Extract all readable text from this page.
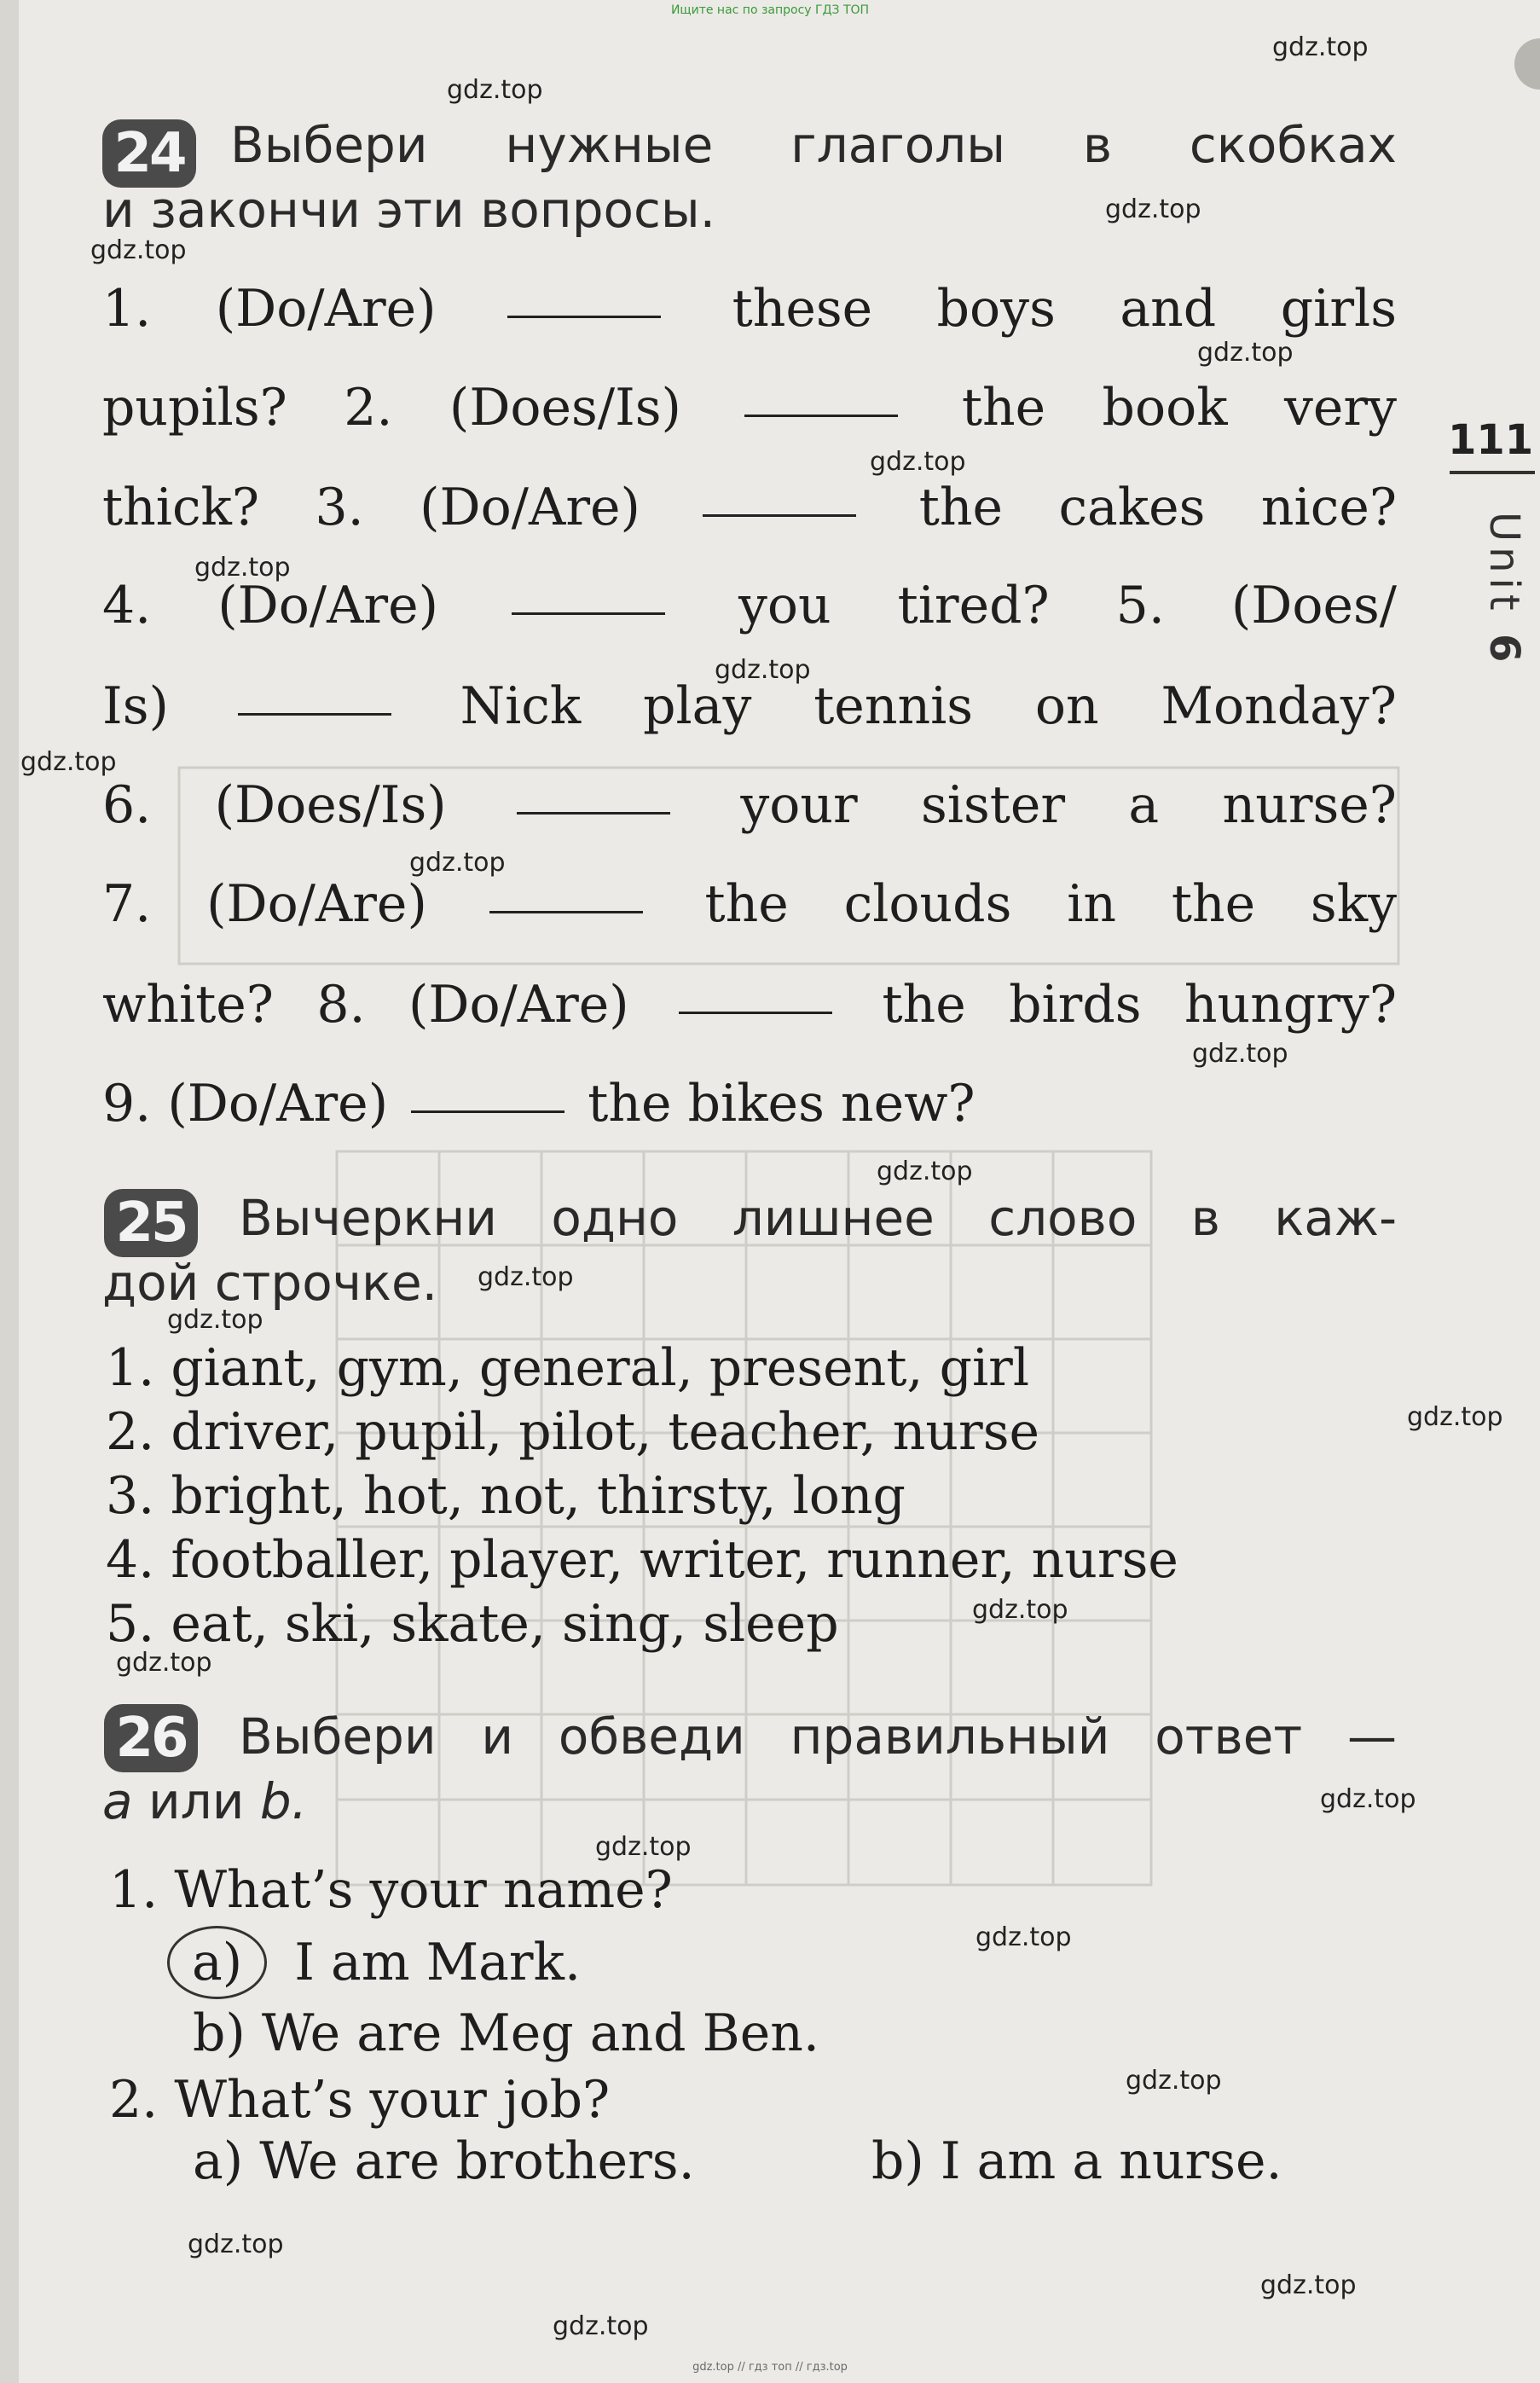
Ищите нас по запросу ГДЗ ТОП
111
Unit 6
24 Выбери нужные глаголы в скобках
и закончи эти вопросы.
1. (Do/Are)	these boys and girls
pupils? 2. (Does/Is)	the book very
thick? 3. (Do/Are)	the cakes nice?
4. (Do/Are)	you tired? 5. (Does/
Is)	Nick play tennis on Monday?
6. (Does/Is)	your sister a nurse?
7. (Do/Are)	the clouds in the sky
white? 8. (Do/Are)	the birds hungry?
9. (Do/Are)	the bikes new?
25	Вычеркни одно лишнее слово в каж-
дой строчке.
1. giant, gym, general, present, girl
2. driver, pupil, pilot, teacher, nurse
3. bright, hot, not, thirsty, long
4. footballer, player, writer, runner, nurse
5. eat, ski, skate, sing, sleep
26	Выбери и обведи правильный ответ —
a или b.
1. What’s your name?
a) I am Mark.
b) We are Meg and Ben.
2. What’s your job?
a) We are brothers.	b) I am a nurse.
gdz.top
gdz.top
gdz.top
gdz.top
gdz.top
gdz.top
gdz.top
gdz.top
gdz.top
gdz.top
gdz.top
gdz.top
gdz.top
gdz.top
gdz.top
gdz.top
gdz.top
gdz.top
gdz.top
gdz.top
gdz.top
gdz.top
gdz.top
gdz.top
gdz.top // гдз топ // гдз.top
